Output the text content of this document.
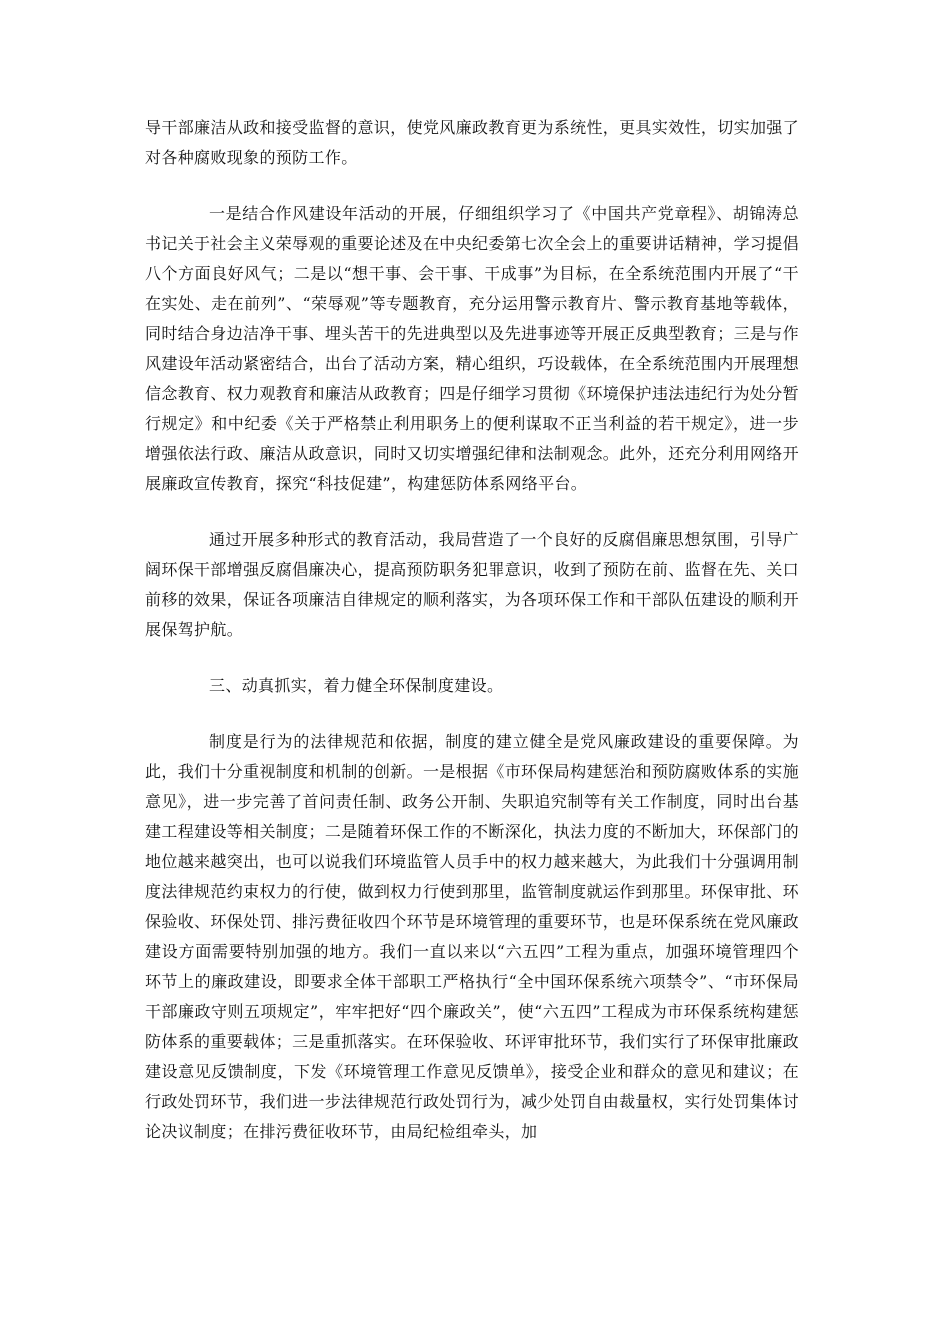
导干部廉洁从政和接受监督的意识，使党风廉政教育更为系统性，更具实效性，切实加强了对各种腐败现象的预防工作。

一是结合作风建设年活动的开展，仔细组织学习了《中国共产党章程》、胡锦涛总书记关于社会主义荣辱观的重要论述及在中央纪委第七次全会上的重要讲话精神，学习提倡八个方面良好风气；二是以“想干事、会干事、干成事”为目标，在全系统范围内开展了“干在实处、走在前列”、“荣辱观”等专题教育，充分运用警示教育片、警示教育基地等载体，同时结合身边洁净干事、埋头苦干的先进典型以及先进事迹等开展正反典型教育；三是与作风建设年活动紧密结合，出台了活动方案，精心组织，巧设载体，在全系统范围内开展理想信念教育、权力观教育和廉洁从政教育；四是仔细学习贯彻《环境保护违法违纪行为处分暂行规定》和中纪委《关于严格禁止利用职务上的便利谋取不正当利益的若干规定》，进一步增强依法行政、廉洁从政意识，同时又切实增强纪律和法制观念。此外，还充分利用网络开展廉政宣传教育，探究“科技促建”，构建惩防体系网络平台。

通过开展多种形式的教育活动，我局营造了一个良好的反腐倡廉思想氛围，引导广阔环保干部增强反腐倡廉决心，提高预防职务犯罪意识，收到了预防在前、监督在先、关口前移的效果，保证各项廉洁自律规定的顺利落实，为各项环保工作和干部队伍建设的顺利开展保驾护航。

三、动真抓实，着力健全环保制度建设。

制度是行为的法律规范和依据，制度的建立健全是党风廉政建设的重要保障。为此，我们十分重视制度和机制的创新。一是根据《市环保局构建惩治和预防腐败体系的实施意见》，进一步完善了首问责任制、政务公开制、失职追究制等有关工作制度，同时出台基建工程建设等相关制度；二是随着环保工作的不断深化，执法力度的不断加大，环保部门的地位越来越突出，也可以说我们环境监管人员手中的权力越来越大，为此我们十分强调用制度法律规范约束权力的行使，做到权力行使到那里，监管制度就运作到那里。环保审批、环保验收、环保处罚、排污费征收四个环节是环境管理的重要环节，也是环保系统在党风廉政建设方面需要特别加强的地方。我们一直以来以“六五四”工程为重点，加强环境管理四个环节上的廉政建设，即要求全体干部职工严格执行“全中国环保系统六项禁令”、“市环保局干部廉政守则五项规定”，牢牢把好“四个廉政关”，使“六五四”工程成为市环保系统构建惩防体系的重要载体；三是重抓落实。在环保验收、环评审批环节，我们实行了环保审批廉政建设意见反馈制度，下发《环境管理工作意见反馈单》，接受企业和群众的意见和建议；在行政处罚环节，我们进一步法律规范行政处罚行为，减少处罚自由裁量权，实行处罚集体讨论决议制度；在排污费征收环节，由局纪检组牵头，加
